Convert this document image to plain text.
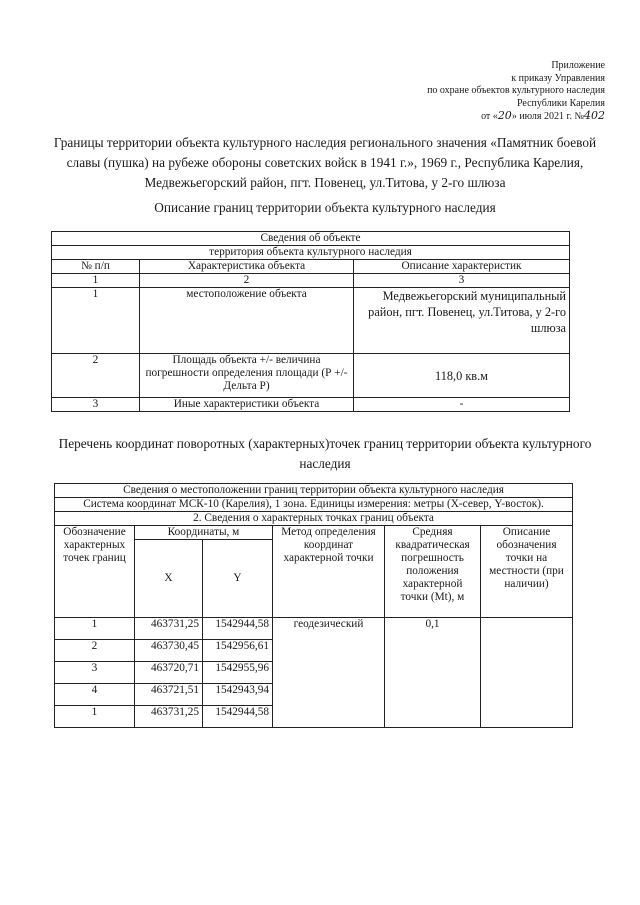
Приложение
к приказу Управления
по охране объектов культурного наследия
Республики Карелия
от «20» июля 2021 г. №402
Границы территории объекта культурного наследия регионального значения «Памятник боевой славы (пушка) на рубеже обороны советских войск в 1941 г.», 1969 г., Республика Карелия, Медвежьегорский район, пгт. Повенец, ул.Титова, у 2-го шлюза
Описание границ территории объекта культурного наследия
Сведения об объекте		
территория объекта культурного наследия		
№ п/п	Характеристика объекта	Описание характеристик
1	2	3
1	местоположение объекта	Медвежьегорский муниципальный район, пгт. Повенец, ул.Титова, у 2-го шлюза
2	Площадь объекта +/- величина погрешности определения площади (Р +/- Дельта Р)	118,0 кв.м
3	Иные характеристики объекта	-
Перечень координат поворотных (характерных)точек границ территории объекта культурного наследия
Сведения о местоположении границ территории объекта культурного наследия					
Система координат МСК-10 (Карелия), 1 зона. Единицы измерения: метры (X-север, Y-восток).					
2. Сведения о характерных точках границ объекта					
Обозначение характерных точек границ	Координаты, м		Метод определения координат характерной точки	Средняя квадратическая погрешность положения характерной точки (Mt), м	Описание обозначения точки на местности (при наличии)
	X	Y			
1	463731,25	1542944,58	геодезический	0,1	
2	463730,45	1542956,61			
3	463720,71	1542955,96			
4	463721,51	1542943,94			
1	463731,25	1542944,58			
